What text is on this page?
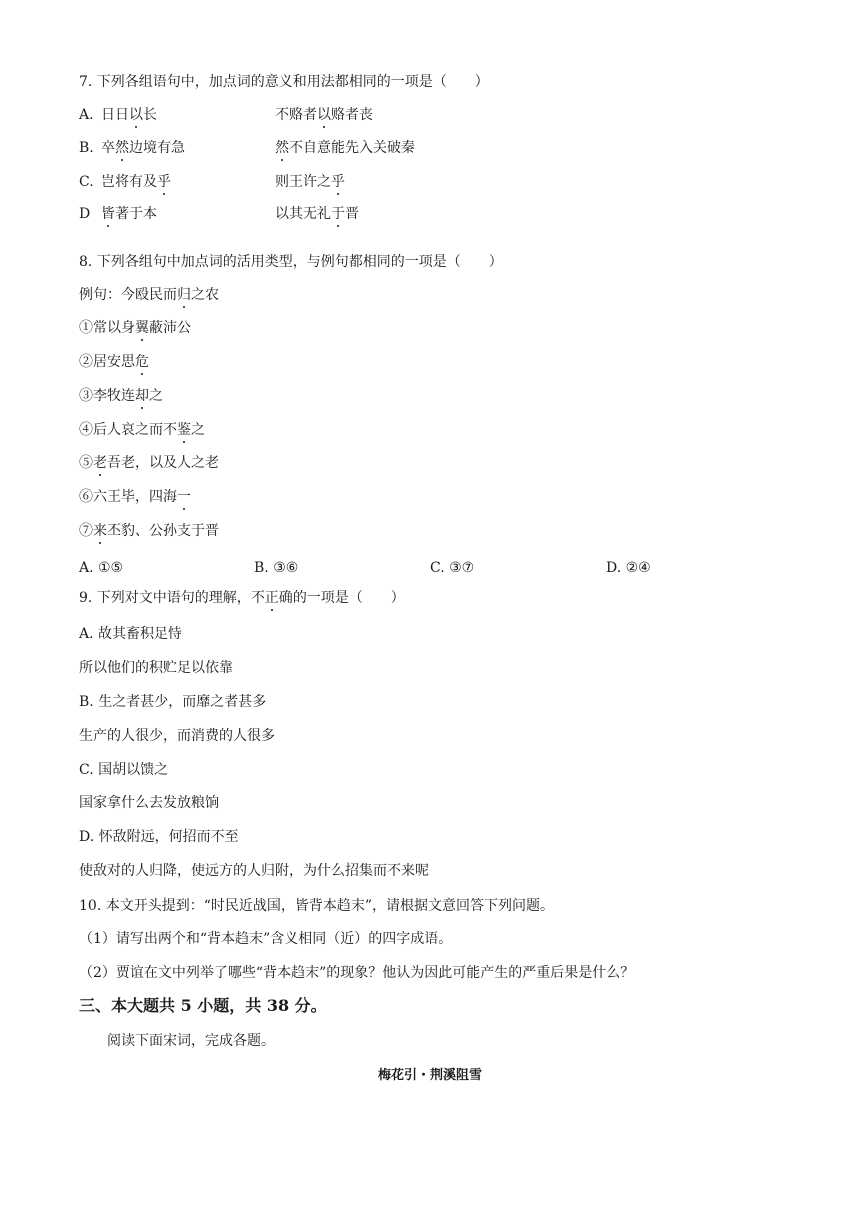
7. 下列各组语句中，加点词的意义和用法都相同的一项是（　　）
A. 日日以长	不赂者以赂者丧
B. 卒然边境有急	然不自意能先入关破秦
C. 岂将有及乎	则王许之乎
D 皆著于本	以其无礼于晋
8. 下列各组句中加点词的活用类型，与例句都相同的一项是（　　）
例句：今殴民而归之农
①常以身翼蔽沛公
②居安思危
③李牧连却之
④后人哀之而不鉴之
⑤老吾老，以及人之老
⑥六王毕，四海一
⑦来丕豹、公孙支于晋
A. ①⑤	B. ③⑥	C. ③⑦	D. ②④
9. 下列对文中语句的理解，不正确的一项是（　　）
A. 故其畜积足恃
所以他们的积贮足以依靠
B. 生之者甚少，而靡之者甚多
生产的人很少，而消费的人很多
C. 国胡以馈之
国家拿什么去发放粮饷
D. 怀敌附远，何招而不至
使敌对的人归降，使远方的人归附，为什么招集而不来呢
10. 本文开头提到：“时民近战国，皆背本趋末”，请根据文意回答下列问题。
（1）请写出两个和“背本趋末”含义相同（近）的四字成语。
（2）贾谊在文中列举了哪些“背本趋末”的现象？他认为因此可能产生的严重后果是什么？
三、本大题共 5 小题，共 38 分。
阅读下面宋词，完成各题。
梅花引・荆溪阻雪
